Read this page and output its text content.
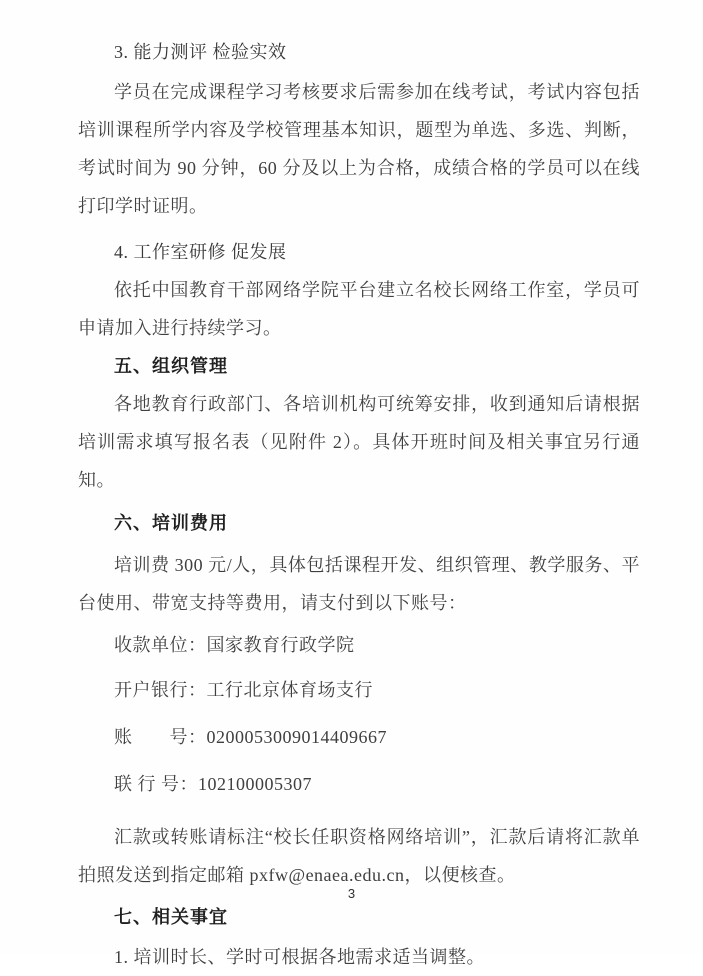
3. 能力测评 检验实效
学员在完成课程学习考核要求后需参加在线考试，考试内容包括培训课程所学内容及学校管理基本知识，题型为单选、多选、判断，考试时间为 90 分钟，60 分及以上为合格，成绩合格的学员可以在线打印学时证明。
4. 工作室研修 促发展
依托中国教育干部网络学院平台建立名校长网络工作室，学员可申请加入进行持续学习。
五、组织管理
各地教育行政部门、各培训机构可统筹安排，收到通知后请根据培训需求填写报名表（见附件 2）。具体开班时间及相关事宜另行通知。
六、培训费用
培训费 300 元/人，具体包括课程开发、组织管理、教学服务、平台使用、带宽支持等费用，请支付到以下账号：
收款单位：国家教育行政学院
开户银行：工行北京体育场支行
账　　号：0200053009014409667
联 行 号：102100005307
汇款或转账请标注“校长任职资格网络培训”，汇款后请将汇款单拍照发送到指定邮箱 pxfw@enaea.edu.cn，以便核查。
七、相关事宜
1. 培训时长、学时可根据各地需求适当调整。
3
